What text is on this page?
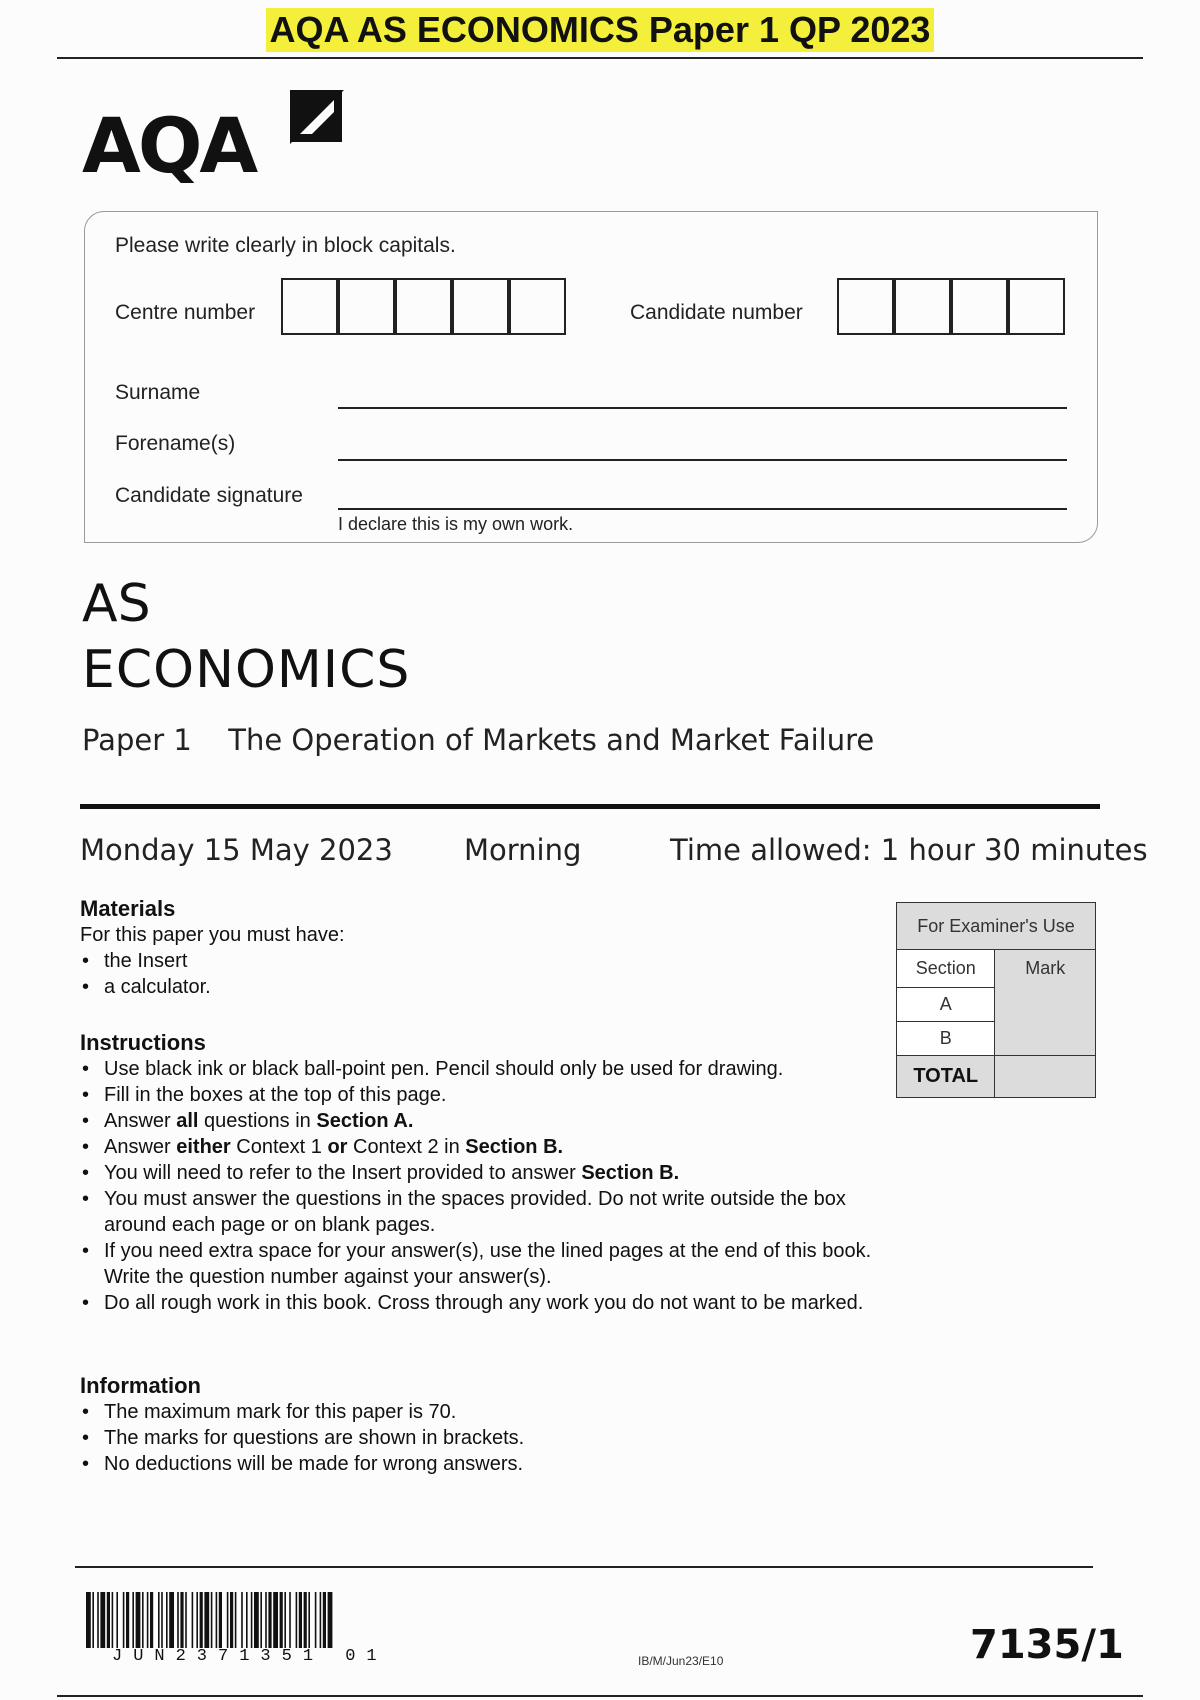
AQA AS ECONOMICS Paper 1 QP 2023
AQA
Please write clearly in block capitals.
Centre number	Candidate number
Surname
Forename(s)
Candidate signature
I declare this is my own work.
AS
ECONOMICS
Paper 1 The Operation of Markets and Market Failure
Monday 15 May 2023 Morning	Time allowed: 1 hour 30 minutes
Materials
For this paper you must have:
• the Insert
• a calculator.
Instructions
• Use black ink or black ball-point pen. Pencil should only be used for drawing.
• Fill in the boxes at the top of this page.
• Answer all questions in Section A.
• Answer either Context 1 or Context 2 in Section B.
• You will need to refer to the Insert provided to answer Section B.
• You must answer the questions in the spaces provided. Do not write outside the box around each page or on blank pages.
• If you need extra space for your answer(s), use the lined pages at the end of this book. Write the question number against your answer(s).
• Do all rough work in this book. Cross through any work you do not want to be marked.
Information
• The maximum mark for this paper is 70.
• The marks for questions are shown in brackets.
• No deductions will be made for wrong answers.
For Examiner's Use	
Section	Mark
A	
B	
TOTAL	
JUN2371351 01	IB/M/Jun23/E10	7135/1
